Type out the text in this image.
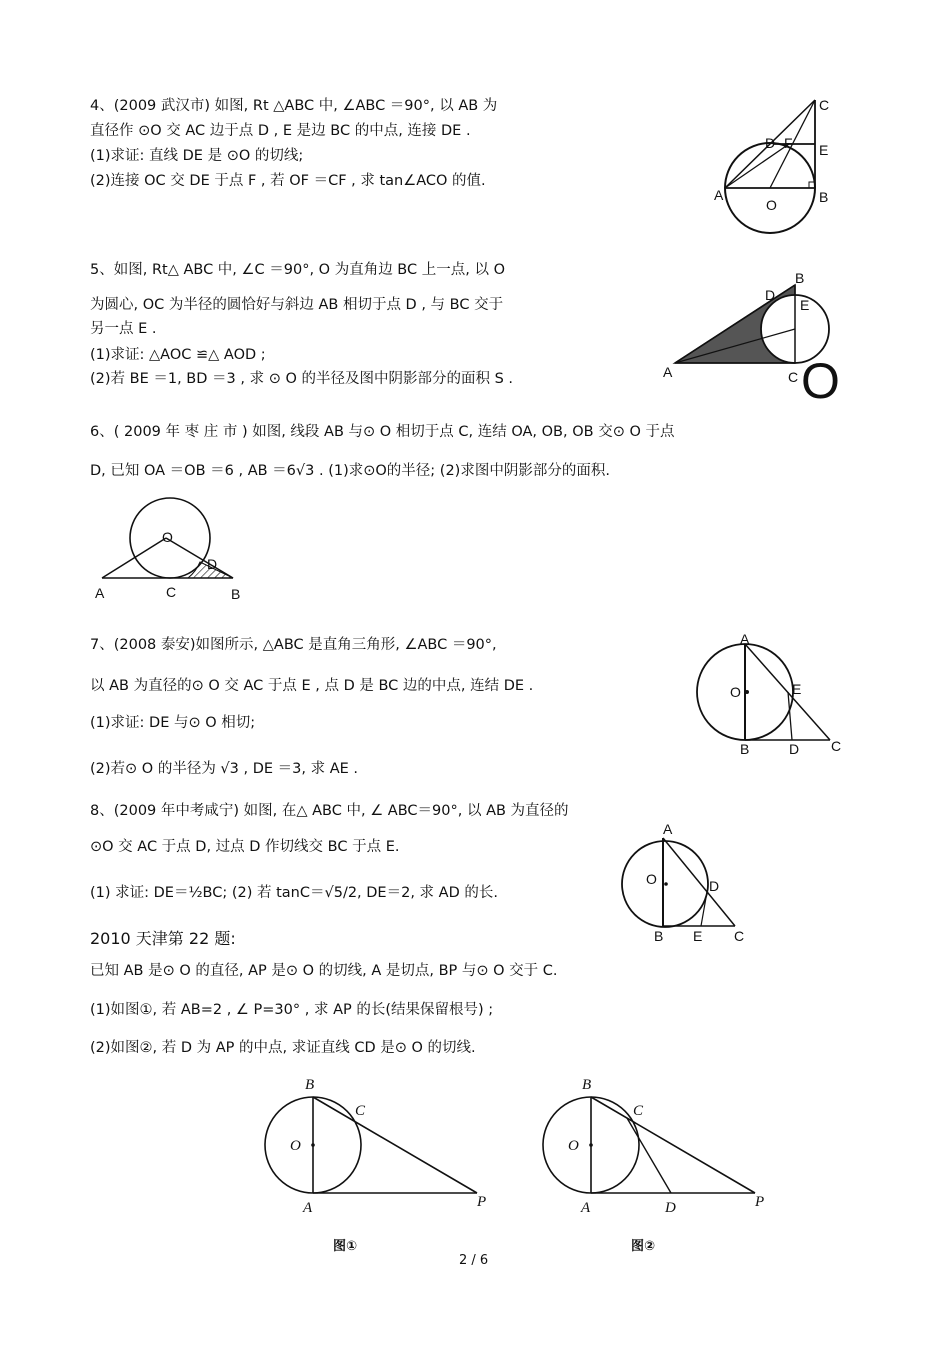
4、(2009 武汉市) 如图, Rt △ABC 中, ∠ABC ＝90°, 以 AB 为
直径作 ⊙O 交 AC 边于点 D , E 是边 BC 的中点, 连接 DE .
(1)求证: 直线 DE 是 ⊙O 的切线;
(2)连接 OC 交 DE 于点 F , 若 OF ＝CF , 求 tan∠ACO 的值.
C
D F E
A	B
O
5、如图, Rt△ ABC 中, ∠C ＝90°, O 为直角边 BC 上一点, 以 O
为圆心, OC 为半径的圆恰好与斜边 AB 相切于点 D , 与 BC 交于
另一点 E .
(1)求证: △AOC ≌△ AOD ;
(2)若 BE ＝1, BD ＝3 , 求 ⊙ O 的半径及图中阴影部分的面积 S .
B
D
E
A	C O
6、( 2009 年 枣 庄 市 ) 如图, 线段 AB 与⊙ O 相切于点 C, 连结 OA, OB, OB 交⊙ O 于点
D, 已知 OA ＝OB ＝6 , AB ＝6√3 . (1)求⊙O的半径; (2)求图中阴影部分的面积.
O
D
A	C	B
7、(2008 泰安)如图所示, △ABC 是直角三角形, ∠ABC ＝90°,
以 AB 为直径的⊙ O 交 AC 于点 E , 点 D 是 BC 边的中点, 连结 DE .
(1)求证: DE 与⊙ O 相切;
(2)若⊙ O 的半径为 √3 , DE ＝3, 求 AE .
A
O	E
B	D C
8、(2009 年中考咸宁) 如图, 在△ ABC 中, ∠ ABC＝90°, 以 AB 为直径的
⊙O 交 AC 于点 D, 过点 D 作切线交 BC 于点 E.
(1) 求证: DE＝½BC; (2) 若 tanC＝√5/2, DE＝2, 求 AD 的长.
A
O	D
B E C
2010 天津第 22 题:
已知 AB 是⊙ O 的直径, AP 是⊙ O 的切线, A 是切点, BP 与⊙ O 交于 C.
(1)如图①, 若 AB=2 , ∠ P=30° , 求 AP 的长(结果保留根号) ;
(2)如图②, 若 D 为 AP 的中点, 求证直线 CD 是⊙ O 的切线.
B
C
O
A	P
图①
B
C
O
A	D	P
图②
2 / 6
